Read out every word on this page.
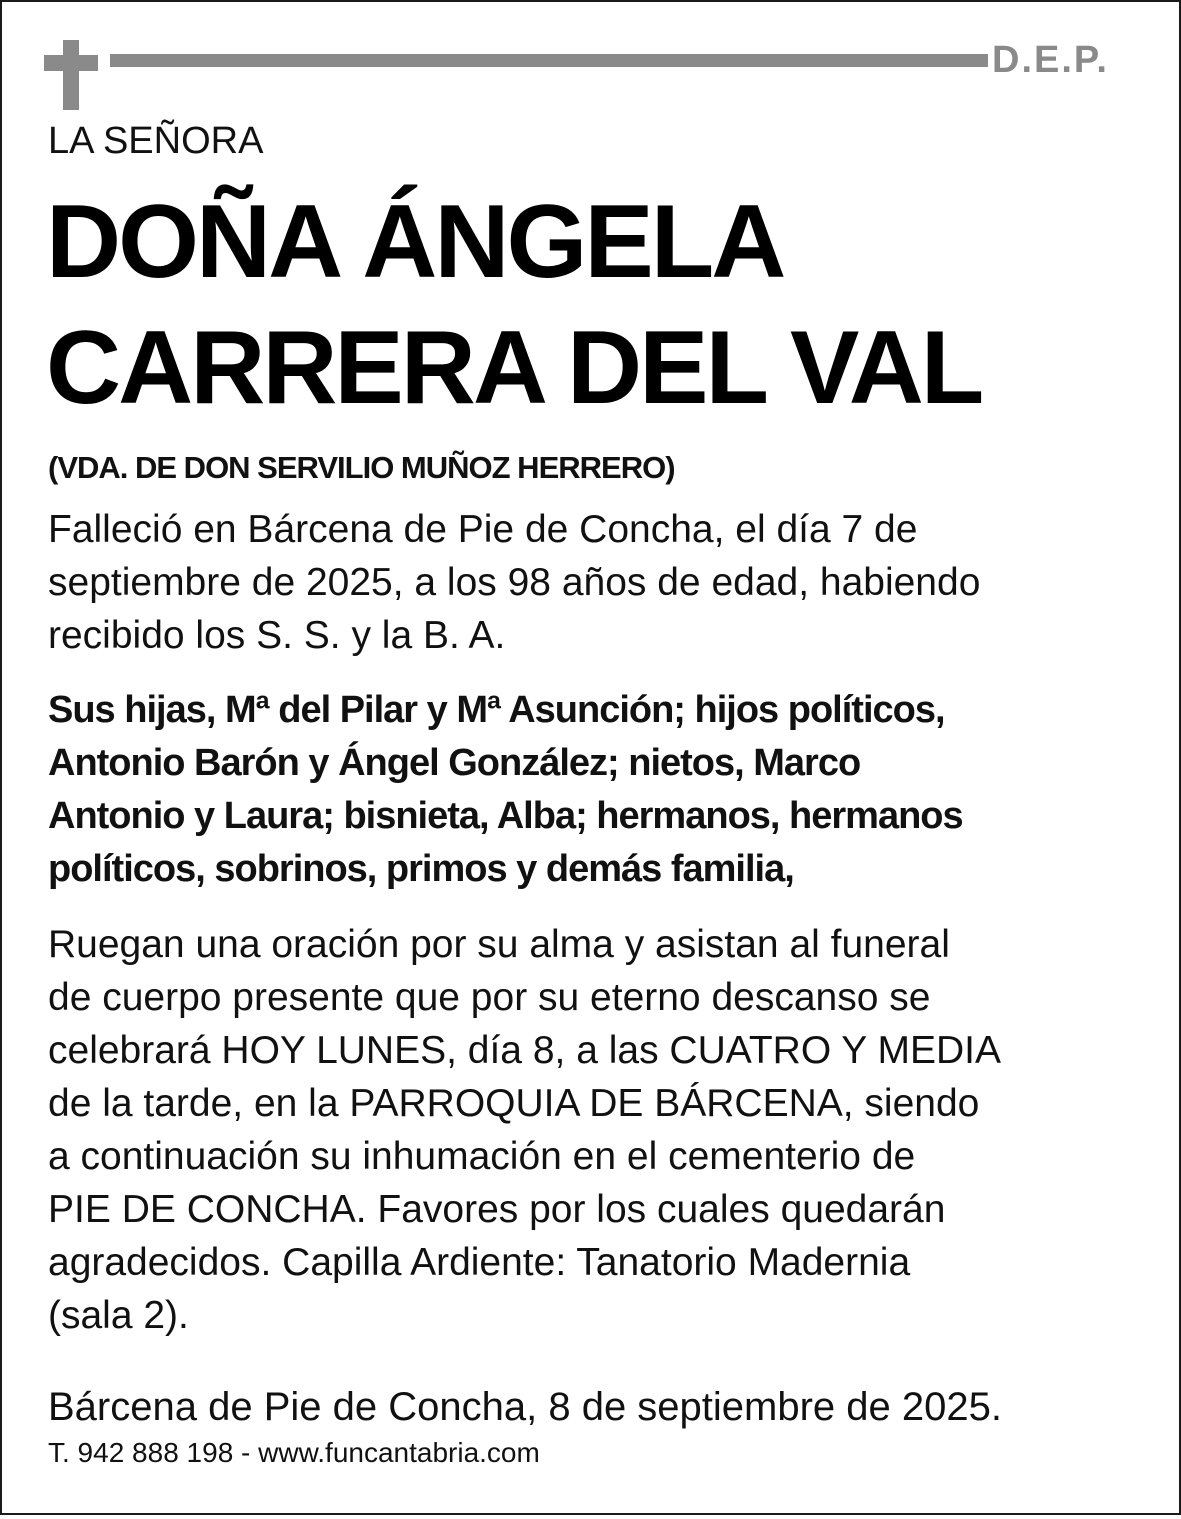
D.E.P.

LA SEÑORA

DOÑA ÁNGELA

CARRERA DEL VAL

(VDA. DE DON SERVILIO MUÑOZ HERRERO)

Falleció en Bárcena de Pie de Concha, el día 7 de
septiembre de 2025, a los 98 años de edad, habiendo
recibido los S. S. y la B. A.
Sus hijas, Mª del Pilar y Mª Asunción; hijos políticos,
Antonio Barón y Ángel González; nietos, Marco
Antonio y Laura; bisnieta, Alba; hermanos, hermanos
políticos, sobrinos, primos y demás familia,
Ruegan una oración por su alma y asistan al funeral
de cuerpo presente que por su eterno descanso se
celebrará HOY LUNES, día 8, a las CUATRO Y MEDIA
de la tarde, en la PARROQUIA DE BÁRCENA, siendo
a continuación su inhumación en el cementerio de
PIE DE CONCHA. Favores por los cuales quedarán
agradecidos. Capilla Ardiente: Tanatorio Madernia
(sala 2).

Bárcena de Pie de Concha, 8 de septiembre de 2025.

T. 942 888 198 - www.funcantabria.com
